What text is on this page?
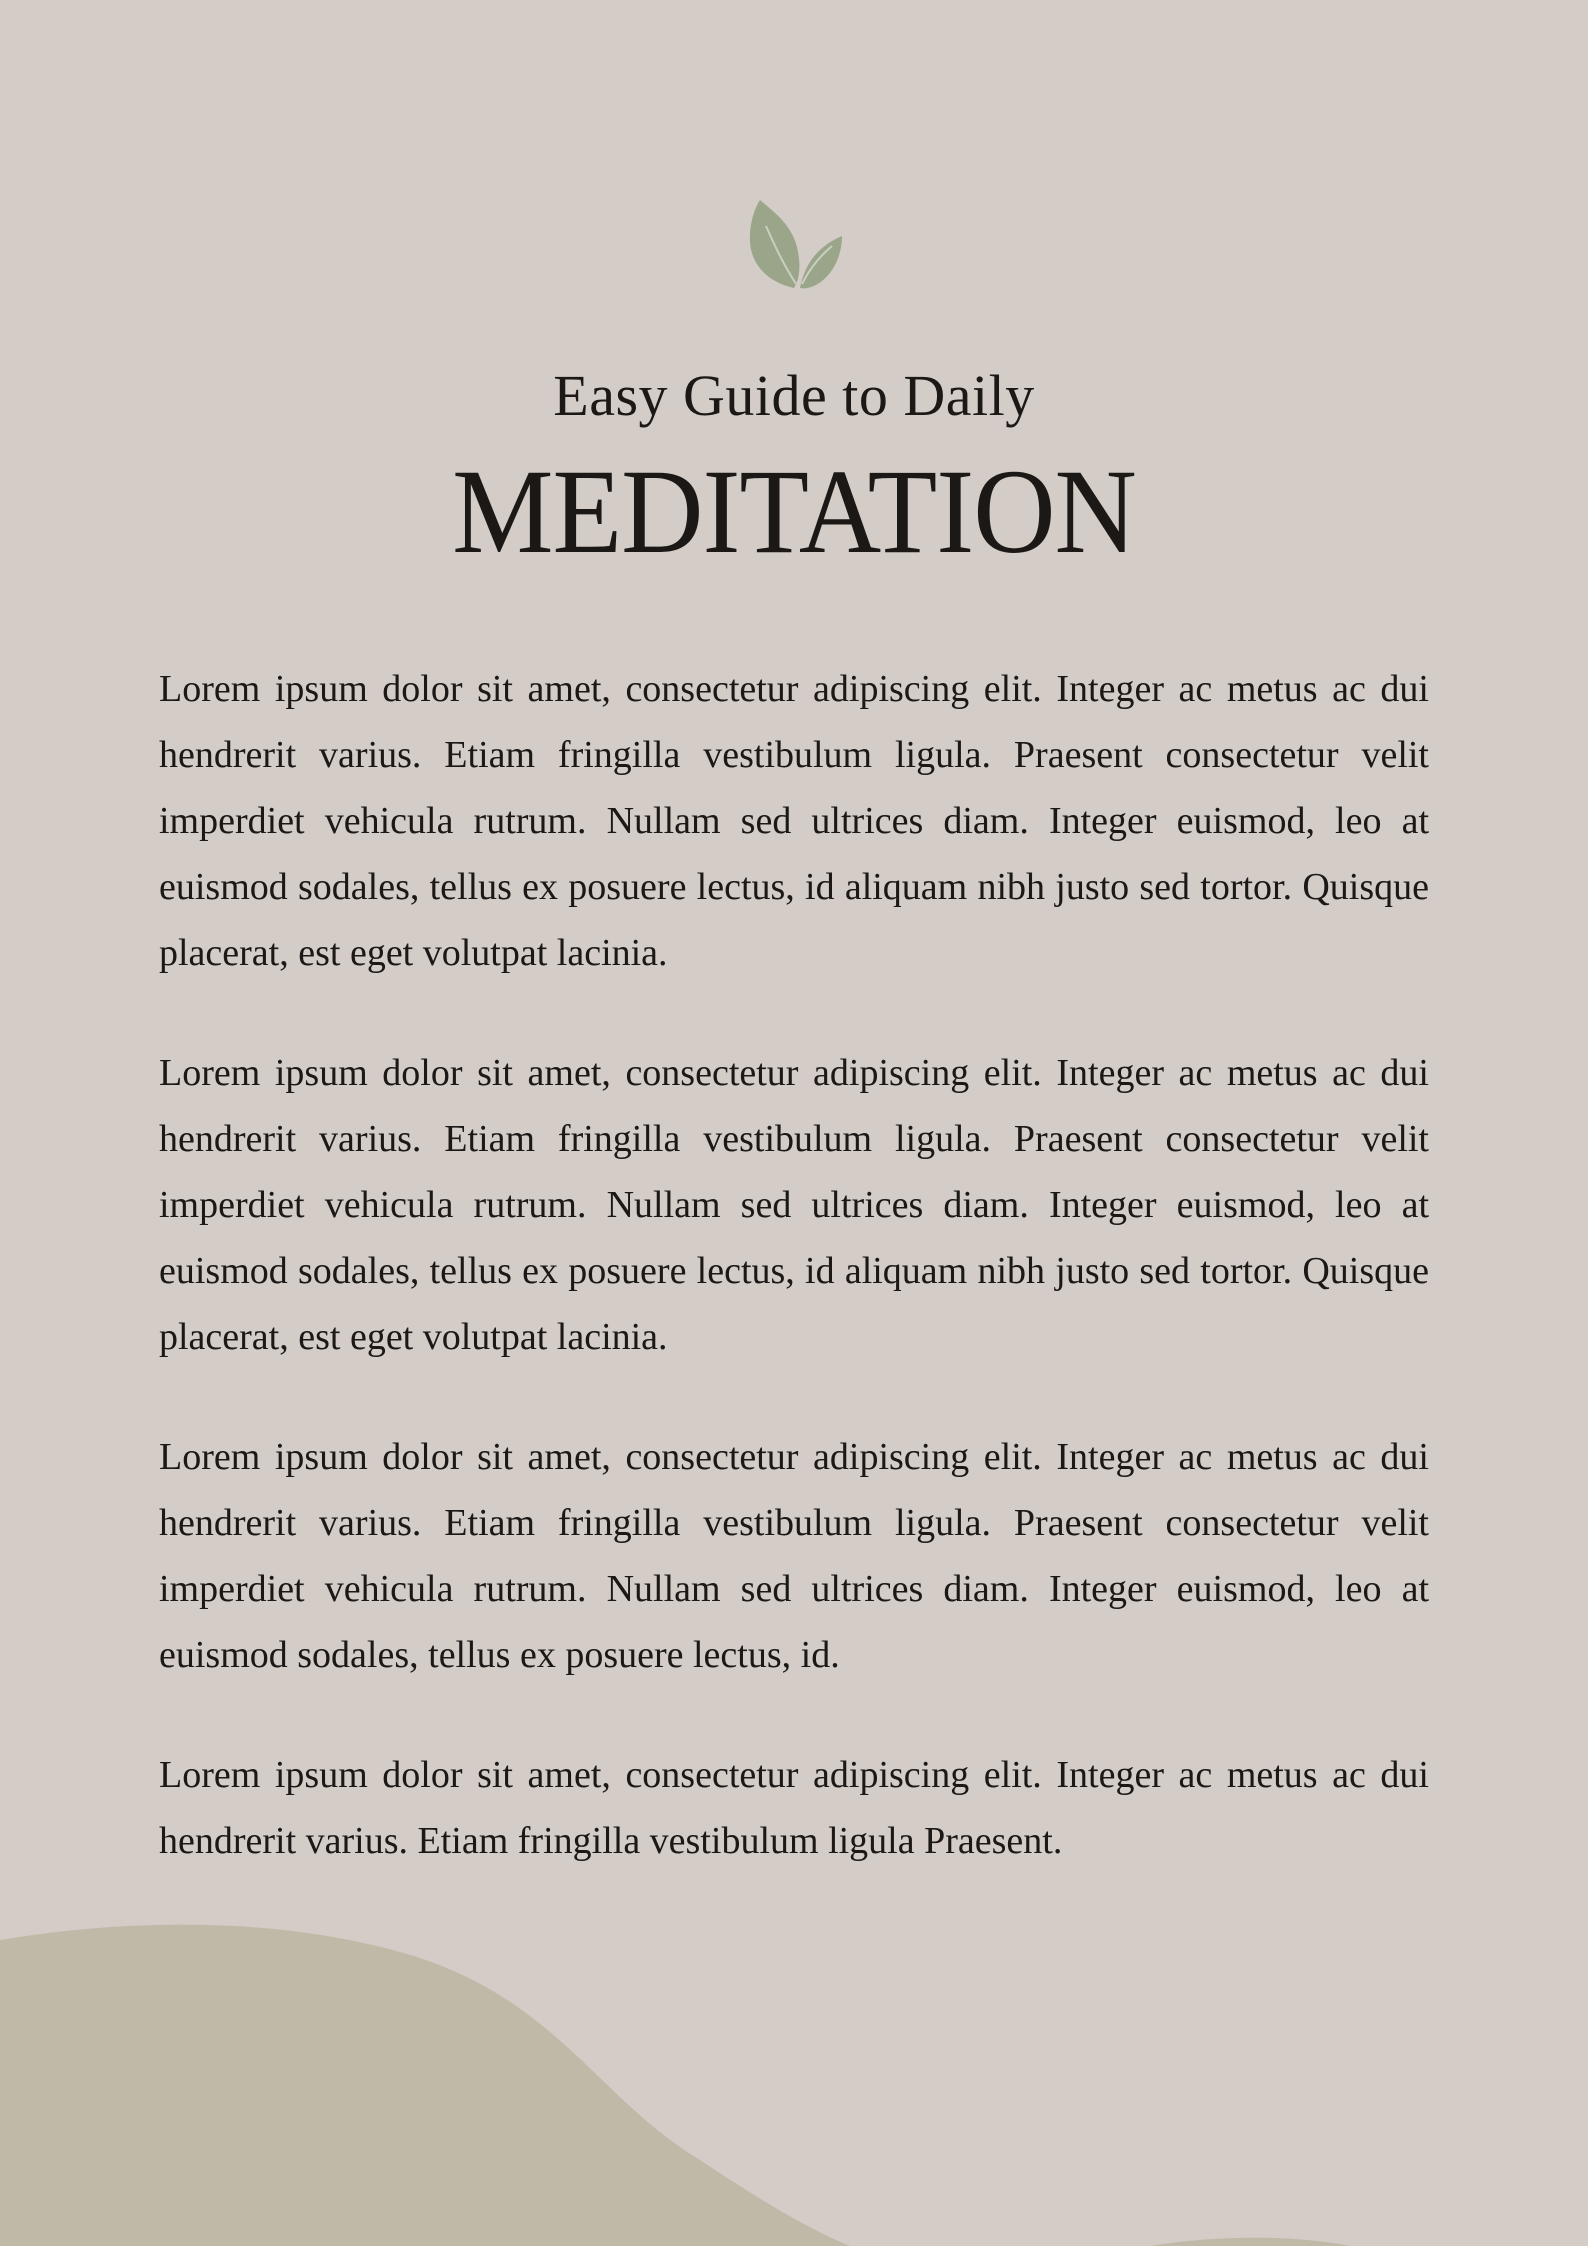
Easy Guide to Daily
MEDITATION

Lorem ipsum dolor sit amet, consectetur adipiscing elit. Integer ac metus ac dui hendrerit varius. Etiam fringilla vestibulum ligula. Praesent consectetur velit imperdiet vehicula rutrum. Nullam sed ultrices diam. Integer euismod, leo at euismod sodales, tellus ex posuere lectus, id aliquam nibh justo sed tortor. Quisque placerat, est eget volutpat lacinia.

Lorem ipsum dolor sit amet, consectetur adipiscing elit. Integer ac metus ac dui hendrerit varius. Etiam fringilla vestibulum ligula. Praesent consectetur velit imperdiet vehicula rutrum. Nullam sed ultrices diam. Integer euismod, leo at euismod sodales, tellus ex posuere lectus, id aliquam nibh justo sed tortor. Quisque placerat, est eget volutpat lacinia.

Lorem ipsum dolor sit amet, consectetur adipiscing elit. Integer ac metus ac dui hendrerit varius. Etiam fringilla vestibulum ligula. Praesent consectetur velit imperdiet vehicula rutrum. Nullam sed ultrices diam. Integer euismod, leo at euismod sodales, tellus ex posuere lectus, id.

Lorem ipsum dolor sit amet, consectetur adipiscing elit. Integer ac metus ac dui hendrerit varius. Etiam fringilla vestibulum ligula Praesent.
